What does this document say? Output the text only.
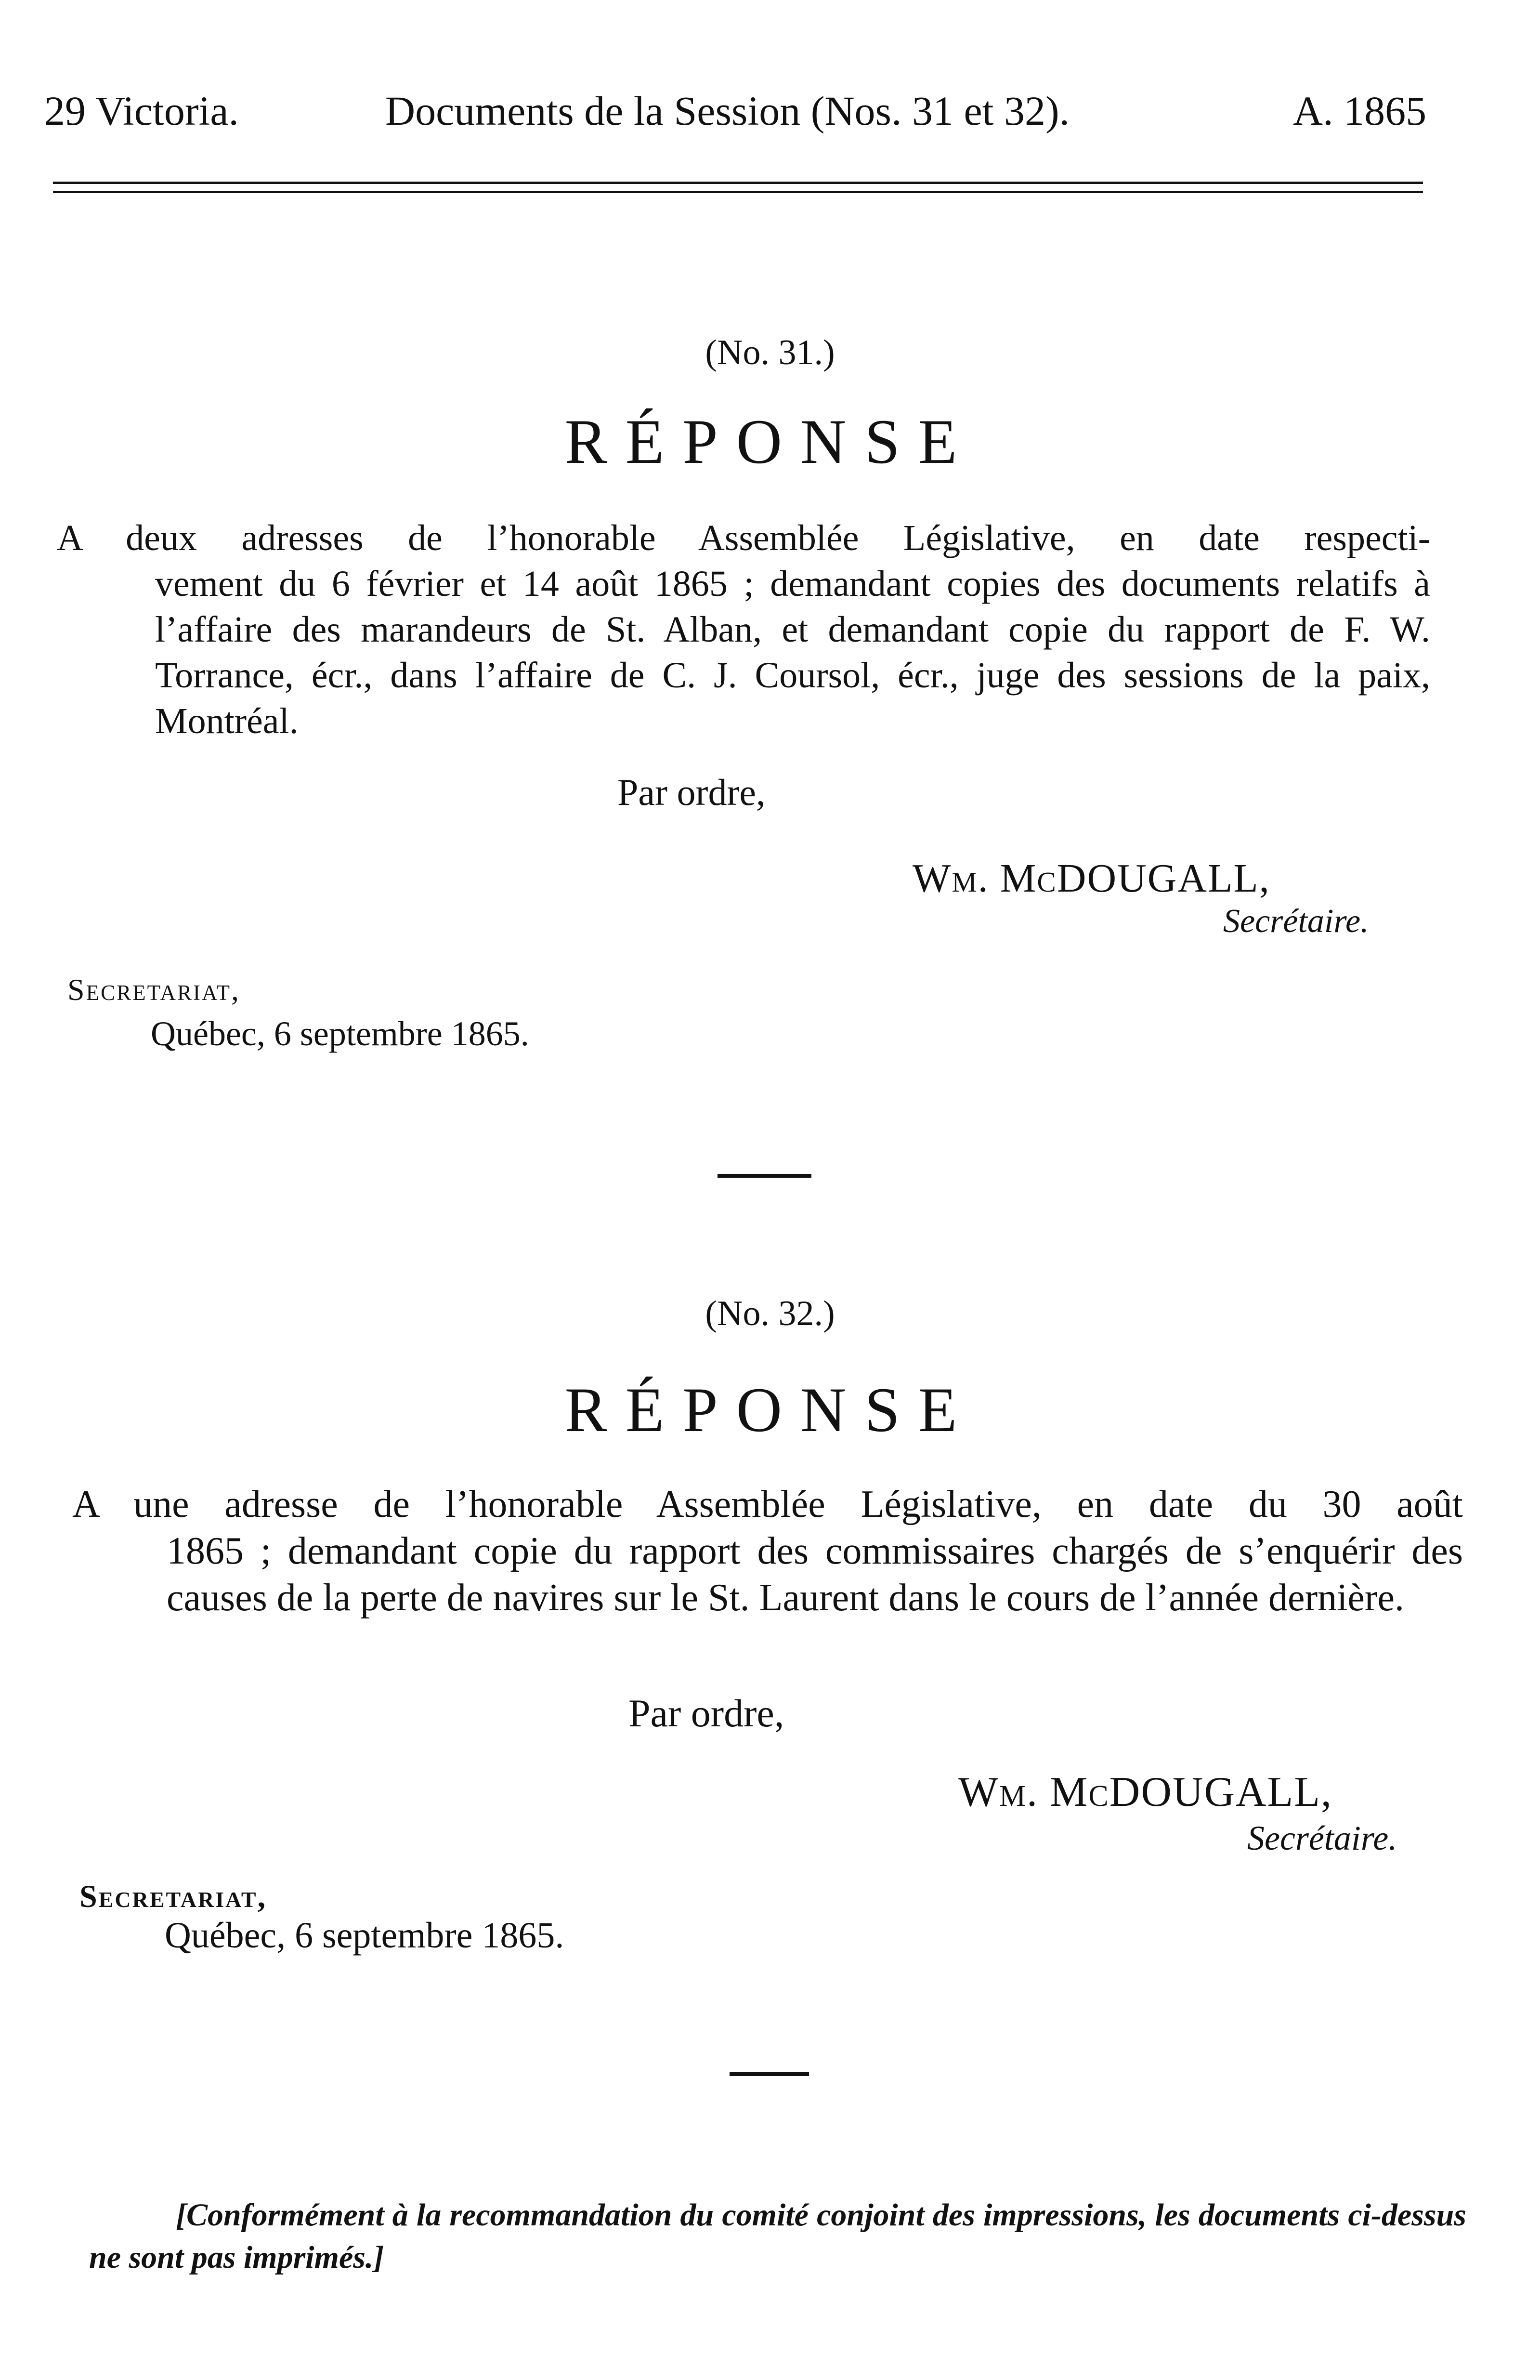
29 Victoria.	Documents de la Session (Nos. 31 et 32).	A. 1865
(No. 31.)
RÉPONSE
A deux adresses de l’honorable Assemblée Législative, en date respecti-
vement du 6 février et 14 août 1865 ; demandant copies des documents relatifs à l’affaire des marandeurs de St. Alban, et demandant copie du rapport de F. W. Torrance, écr., dans l’affaire de C. J. Coursol, écr., juge des sessions de la paix, Montréal.
Par ordre,
Wm. McDOUGALL,
Secrétaire.
Secretariat,
Québec, 6 septembre 1865.
(No. 32.)
RÉPONSE
A une adresse de l’honorable Assemblée Législative, en date du 30 août
1865 ; demandant copie du rapport des commissaires chargés de s’enquérir des causes de la perte de navires sur le St. Laurent dans le cours de l’année dernière.
Par ordre,
Wm. McDOUGALL,
Secrétaire.
Secretariat,
Québec, 6 septembre 1865.
[Conformément à la recommandation du comité conjoint des impressions, les documents ci-dessus ne sont pas imprimés.]
